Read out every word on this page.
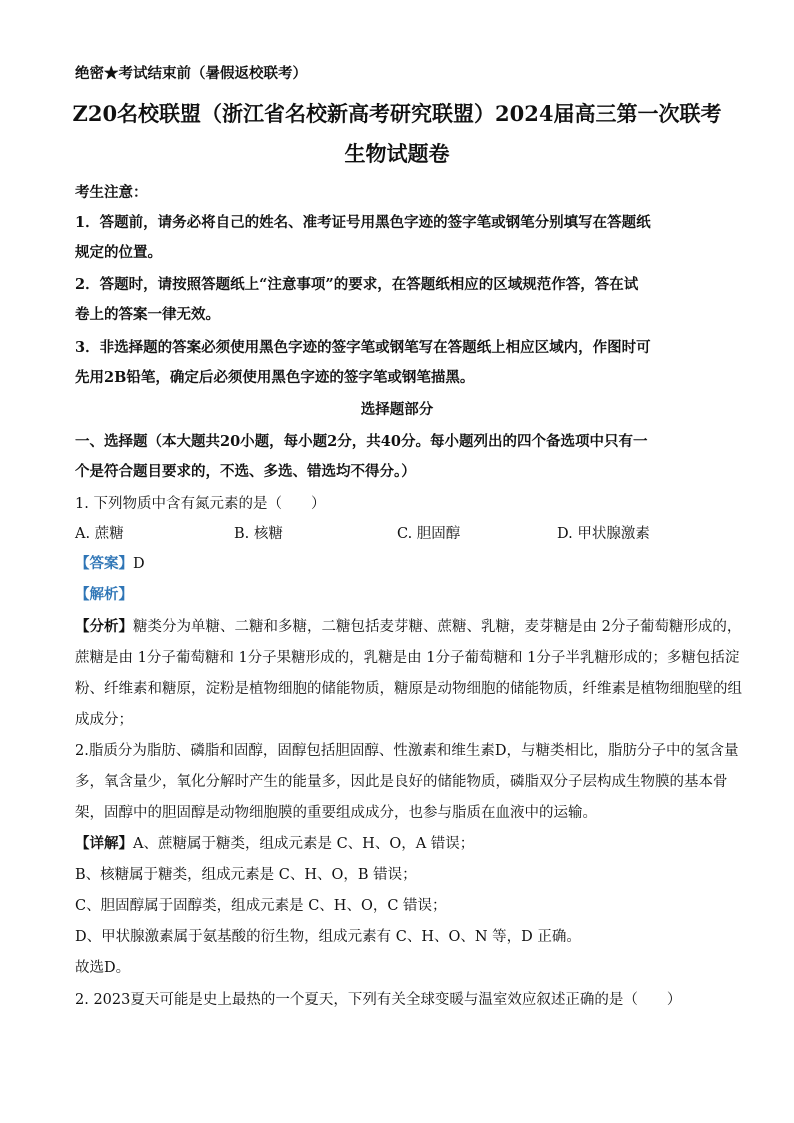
绝密★考试结束前（暑假返校联考）
Z20名校联盟（浙江省名校新高考研究联盟）2024届高三第一次联考
生物试题卷
考生注意：
1．答题前，请务必将自己的姓名、准考证号用黑色字迹的签字笔或钢笔分别填写在答题纸
规定的位置。
2．答题时，请按照答题纸上“注意事项”的要求，在答题纸相应的区域规范作答，答在试
卷上的答案一律无效。
3．非选择题的答案必须使用黑色字迹的签字笔或钢笔写在答题纸上相应区域内，作图时可
先用2B铅笔，确定后必须使用黑色字迹的签字笔或钢笔描黑。
选择题部分
一、选择题（本大题共20小题，每小题2分，共40分。每小题列出的四个备选项中只有一
个是符合题目要求的，不选、多选、错选均不得分。）
1. 下列物质中含有氮元素的是（　　）
A. 蔗糖	B. 核糖	C. 胆固醇	D. 甲状腺激素
【答案】D
【解析】
【分析】糖类分为单糖、二糖和多糖，二糖包括麦芽糖、蔗糖、乳糖，麦芽糖是由 2分子葡萄糖形成的，
蔗糖是由 1分子葡萄糖和 1分子果糖形成的，乳糖是由 1分子葡萄糖和 1分子半乳糖形成的；多糖包括淀
粉、纤维素和糖原，淀粉是植物细胞的储能物质，糖原是动物细胞的储能物质，纤维素是植物细胞壁的组
成成分；
2.脂质分为脂肪、磷脂和固醇，固醇包括胆固醇、性激素和维生素D，与糖类相比，脂肪分子中的氢含量
多，氧含量少，氧化分解时产生的能量多，因此是良好的储能物质，磷脂双分子层构成生物膜的基本骨
架，固醇中的胆固醇是动物细胞膜的重要组成成分，也参与脂质在血液中的运输。
【详解】A、蔗糖属于糖类，组成元素是 C、H、O，A 错误；
B、核糖属于糖类，组成元素是 C、H、O，B 错误；
C、胆固醇属于固醇类，组成元素是 C、H、O，C 错误；
D、甲状腺激素属于氨基酸的衍生物，组成元素有 C、H、O、N 等，D 正确。
故选D。
2. 2023夏天可能是史上最热的一个夏天，下列有关全球变暖与温室效应叙述正确的是（　　）
